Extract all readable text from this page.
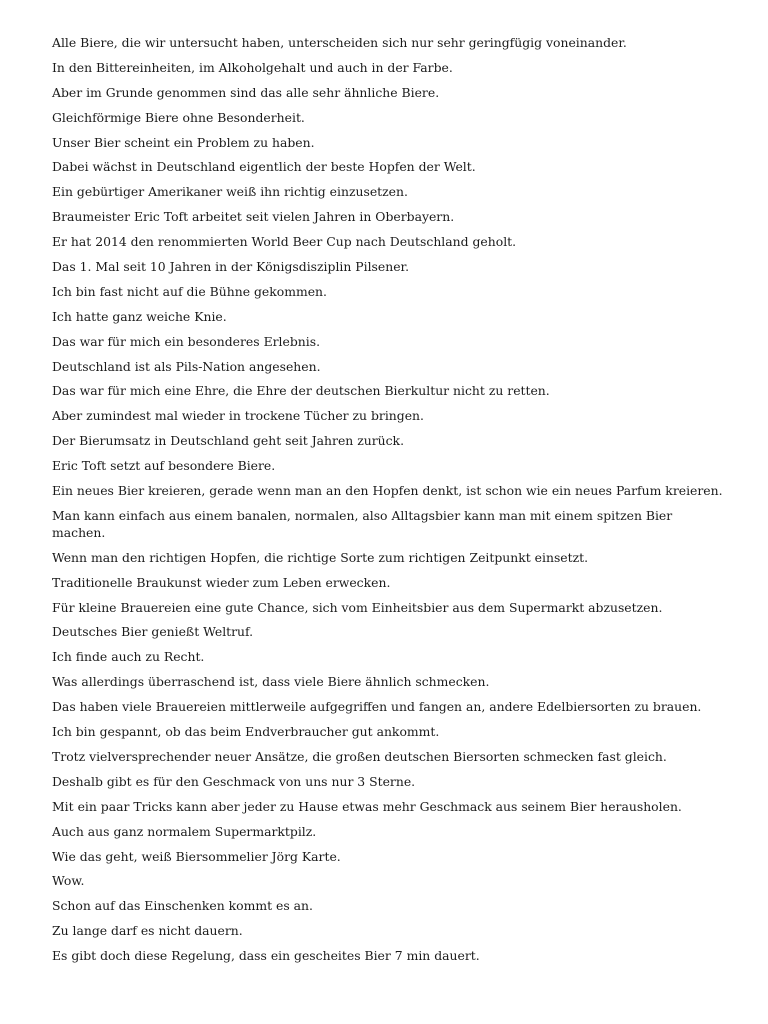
Alle Biere, die wir untersucht haben, unterscheiden sich nur sehr geringfügig voneinander.

In den Bittereinheiten, im Alkoholgehalt und auch in der Farbe.

Aber im Grunde genommen sind das alle sehr ähnliche Biere.

Gleichförmige Biere ohne Besonderheit.

Unser Bier scheint ein Problem zu haben.

Dabei wächst in Deutschland eigentlich der beste Hopfen der Welt.

Ein gebürtiger Amerikaner weiß ihn richtig einzusetzen.

Braumeister Eric Toft arbeitet seit vielen Jahren in Oberbayern.

Er hat 2014 den renommierten World Beer Cup nach Deutschland geholt.

Das 1. Mal seit 10 Jahren in der Königsdisziplin Pilsener.

Ich bin fast nicht auf die Bühne gekommen.

Ich hatte ganz weiche Knie.

Das war für mich ein besonderes Erlebnis.

Deutschland ist als Pils-Nation angesehen.

Das war für mich eine Ehre, die Ehre der deutschen Bierkultur nicht zu retten.

Aber zumindest mal wieder in trockene Tücher zu bringen.

Der Bierumsatz in Deutschland geht seit Jahren zurück.

Eric Toft setzt auf besondere Biere.

Ein neues Bier kreieren, gerade wenn man an den Hopfen denkt, ist schon wie ein neues Parfum kreieren.

Man kann einfach aus einem banalen, normalen, also Alltagsbier kann man mit einem spitzen Bier machen.

Wenn man den richtigen Hopfen, die richtige Sorte zum richtigen Zeitpunkt einsetzt.

Traditionelle Braukunst wieder zum Leben erwecken.

Für kleine Brauereien eine gute Chance, sich vom Einheitsbier aus dem Supermarkt abzusetzen.

Deutsches Bier genießt Weltruf.

Ich finde auch zu Recht.

Was allerdings überraschend ist, dass viele Biere ähnlich schmecken.

Das haben viele Brauereien mittlerweile aufgegriffen und fangen an, andere Edelbiersorten zu brauen.

Ich bin gespannt, ob das beim Endverbraucher gut ankommt.

Trotz vielversprechender neuer Ansätze, die großen deutschen Biersorten schmecken fast gleich.

Deshalb gibt es für den Geschmack von uns nur 3 Sterne.

Mit ein paar Tricks kann aber jeder zu Hause etwas mehr Geschmack aus seinem Bier herausholen.

Auch aus ganz normalem Supermarktpilz.

Wie das geht, weiß Biersommelier Jörg Karte.

Wow.

Schon auf das Einschenken kommt es an.

Zu lange darf es nicht dauern.

Es gibt doch diese Regelung, dass ein gescheites Bier 7 min dauert.
